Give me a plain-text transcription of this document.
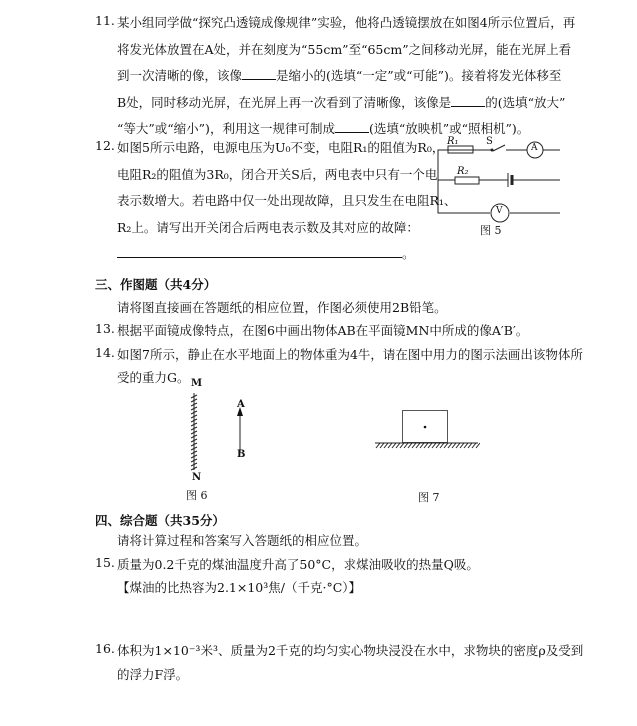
11. 某小组同学做“探究凸透镜成像规律”实验，他将凸透镜摆放在如图4所示位置后，再
将发光体放置在A处，并在刻度为“55cm”至“65cm”之间移动光屏，能在光屏上看
到一次清晰的像，该像	是缩小的(选填“一定”或“可能”)。接着将发光体移至
B处，同时移动光屏，在光屏上再一次看到了清晰像，该像是	的(选填“放大”
“等大”或“缩小”)，利用这一规律可制成	(选填“放映机”或“照相机”)。
12. 如图5所示电路，电源电压为U₀不变，电阻R₁的阻值为R₀，
电阻R₂的阻值为3R₀，闭合开关S后，两电表中只有一个电
表示数增大。若电路中仅一处出现故障，且只发生在电阻R₁、
R₂上。请写出开关闭合后两电表示数及其对应的故障：
。
三、作图题（共4分）
请将图直接画在答题纸的相应位置，作图必须使用2B铅笔。
13. 根据平面镜成像特点，在图6中画出物体AB在平面镜MN中所成的像A′B′。
14. 如图7所示，静止在水平地面上的物体重为4牛，请在图中用力的图示法画出该物体所
受的重力G。
R₁	S
A
R₂
V
图 5
M
N
A
B
图 6	图 7
四、综合题（共35分）
请将计算过程和答案写入答题纸的相应位置。
15. 质量为0.2千克的煤油温度升高了50°C，求煤油吸收的热量Q吸。
【煤油的比热容为2.1×10³焦/（千克·°C）】
16. 体积为1×10⁻³米³、质量为2千克的均匀实心物块浸没在水中，求物块的密度ρ及受到
的浮力F浮。
